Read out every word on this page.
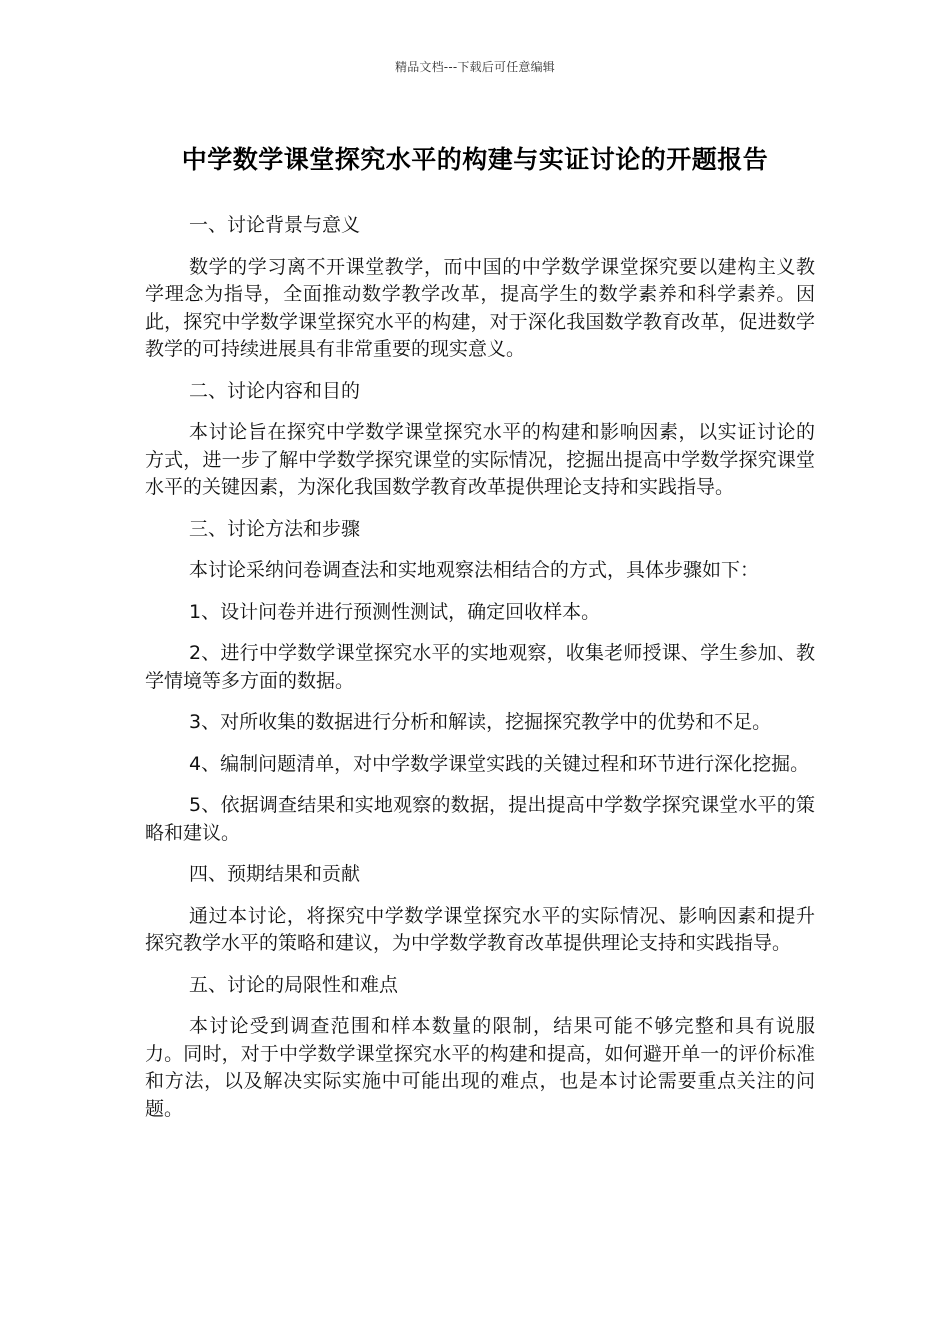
精品文档---下载后可任意编辑
中学数学课堂探究水平的构建与实证讨论的开题报告

一、讨论背景与意义

数学的学习离不开课堂教学，而中国的中学数学课堂探究要以建构主义教学理念为指导，全面推动数学教学改革，提高学生的数学素养和科学素养。因此，探究中学数学课堂探究水平的构建，对于深化我国数学教育改革，促进数学教学的可持续进展具有非常重要的现实意义。

二、讨论内容和目的

本讨论旨在探究中学数学课堂探究水平的构建和影响因素，以实证讨论的方式，进一步了解中学数学探究课堂的实际情况，挖掘出提高中学数学探究课堂水平的关键因素，为深化我国数学教育改革提供理论支持和实践指导。

三、讨论方法和步骤

本讨论采纳问卷调查法和实地观察法相结合的方式，具体步骤如下：

1、设计问卷并进行预测性测试，确定回收样本。

2、进行中学数学课堂探究水平的实地观察，收集老师授课、学生参加、教学情境等多方面的数据。

3、对所收集的数据进行分析和解读，挖掘探究教学中的优势和不足。

4、编制问题清单，对中学数学课堂实践的关键过程和环节进行深化挖掘。

5、依据调查结果和实地观察的数据，提出提高中学数学探究课堂水平的策略和建议。

四、预期结果和贡献

通过本讨论，将探究中学数学课堂探究水平的实际情况、影响因素和提升探究教学水平的策略和建议，为中学数学教育改革提供理论支持和实践指导。

五、讨论的局限性和难点

本讨论受到调查范围和样本数量的限制，结果可能不够完整和具有说服力。同时，对于中学数学课堂探究水平的构建和提高，如何避开单一的评价标准和方法，以及解决实际实施中可能出现的难点，也是本讨论需要重点关注的问题。
